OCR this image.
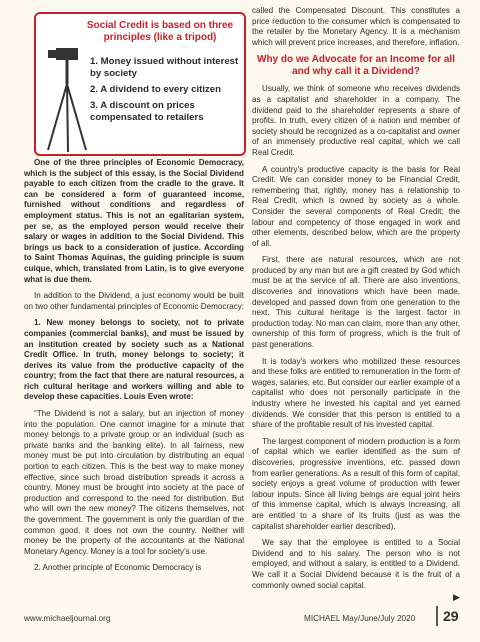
Social Credit is based on three principles (like a tripod)
1. Money issued without interest by society
2. A dividend to every citizen
3. A discount on prices compensated to retailers

One of the three principles of Economic Democracy, which is the subject of this essay, is the Social Dividend payable to each citizen from the cradle to the grave. It can be considered a form of guaranteed income, furnished without conditions and regardless of employment status. This is not an egalitarian system, per se, as the employed person would receive their salary or wages in addition to the Social Dividend. This brings us back to a consideration of justice. According to Saint Thomas Aquinas, the guiding principle is suum cuique, which, translated from Latin, is to give everyone what is due them.

In addition to the Dividend, a just economy would be built on two other fundamental principles of Economic Democracy:

1. New money belongs to society, not to private companies (commercial banks), and must be issued by an institution created by society such as a National Credit Office. In truth, money belongs to society; it derives its value from the productive capacity of the country; from the fact that there are natural resources, a rich cultural heritage and workers willing and able to develop these capacities. Louis Even wrote:

“The Dividend is not a salary, but an injection of money into the population. One cannot imagine for a minute that money belongs to a private group or an individual (such as private banks and the banking elite). In all fairness, new money must be put into circulation by distributing an equal portion to each citizen. This is the best way to make money effective, since such broad distribution spreads it across a country. Money must be brought into society at the pace of production and correspond to the need for distribution. But who will own the new money? The citizens themselves, not the government. The government is only the guardian of the common good, it does not own the country. Neither will money be the property of the accountants at the National Monetary Agency. Money is a tool for society’s use.

2. Another principle of Economic Democracy is

called the Compensated Discount. This constitutes a price reduction to the consumer which is compensated to the retailer by the Monetary Agency. It is a mechanism which will prevent price increases, and therefore, inflation.

Why do we Advocate for an Income for all and why call it a Dividend?

Usually, we think of someone who receives dividends as a capitalist and shareholder in a company. The dividend paid to the shareholder represents a share of profits. In truth, every citizen of a nation and member of society should be recognized as a co-capitalist and owner of an immensely productive real capital, which we call Real Credit.

A country’s productive capacity is the basis for Real Credit. We can consider money to be Financial Credit, remembering that, rightly, money has a relationship to Real Credit, which is owned by society as a whole. Consider the several components of Real Credit: the labour and competency of those engaged in work and other elements, described below, which are the property of all.

First, there are natural resources, which are not produced by any man but are a gift created by God which must be at the service of all. There are also inventions, discoveries and innovations which have been made, developed and passed down from one generation to the next. This cultural heritage is the largest factor in production today. No man can claim, more than any other, ownership of this form of progress, which is the fruit of past generations.

It is today’s workers who mobilized these resources and these folks are entitled to remuneration in the form of wages, salaries, etc. But consider our earlier example of a capitalist who does not personally participate in the industry where he invested his capital and yet earned dividends. We consider that this person is entitled to a share of the profitable result of his invested capital.

The largest component of modern production is a form of capital which we earlier identified as the sum of discoveries, progressive inventions, etc. passed down from earlier generations. As a result of this form of capital, society enjoys a great volume of production with fewer labour inputs. Since all living beings are equal joint heirs of this immense capital, which is always increasing, all are entitled to a share of its fruits (just as was the capitalist shareholder earlier described).

We say that the employee is entitled to a Social Dividend and to his salary. The person who is not employed, and without a salary, is entitled to a Dividend. We call it a Social Dividend because it is the fruit of a commonly owned social capital.

▶
www.michaeljournal.org	MICHAEL May/June/July 2020 29
